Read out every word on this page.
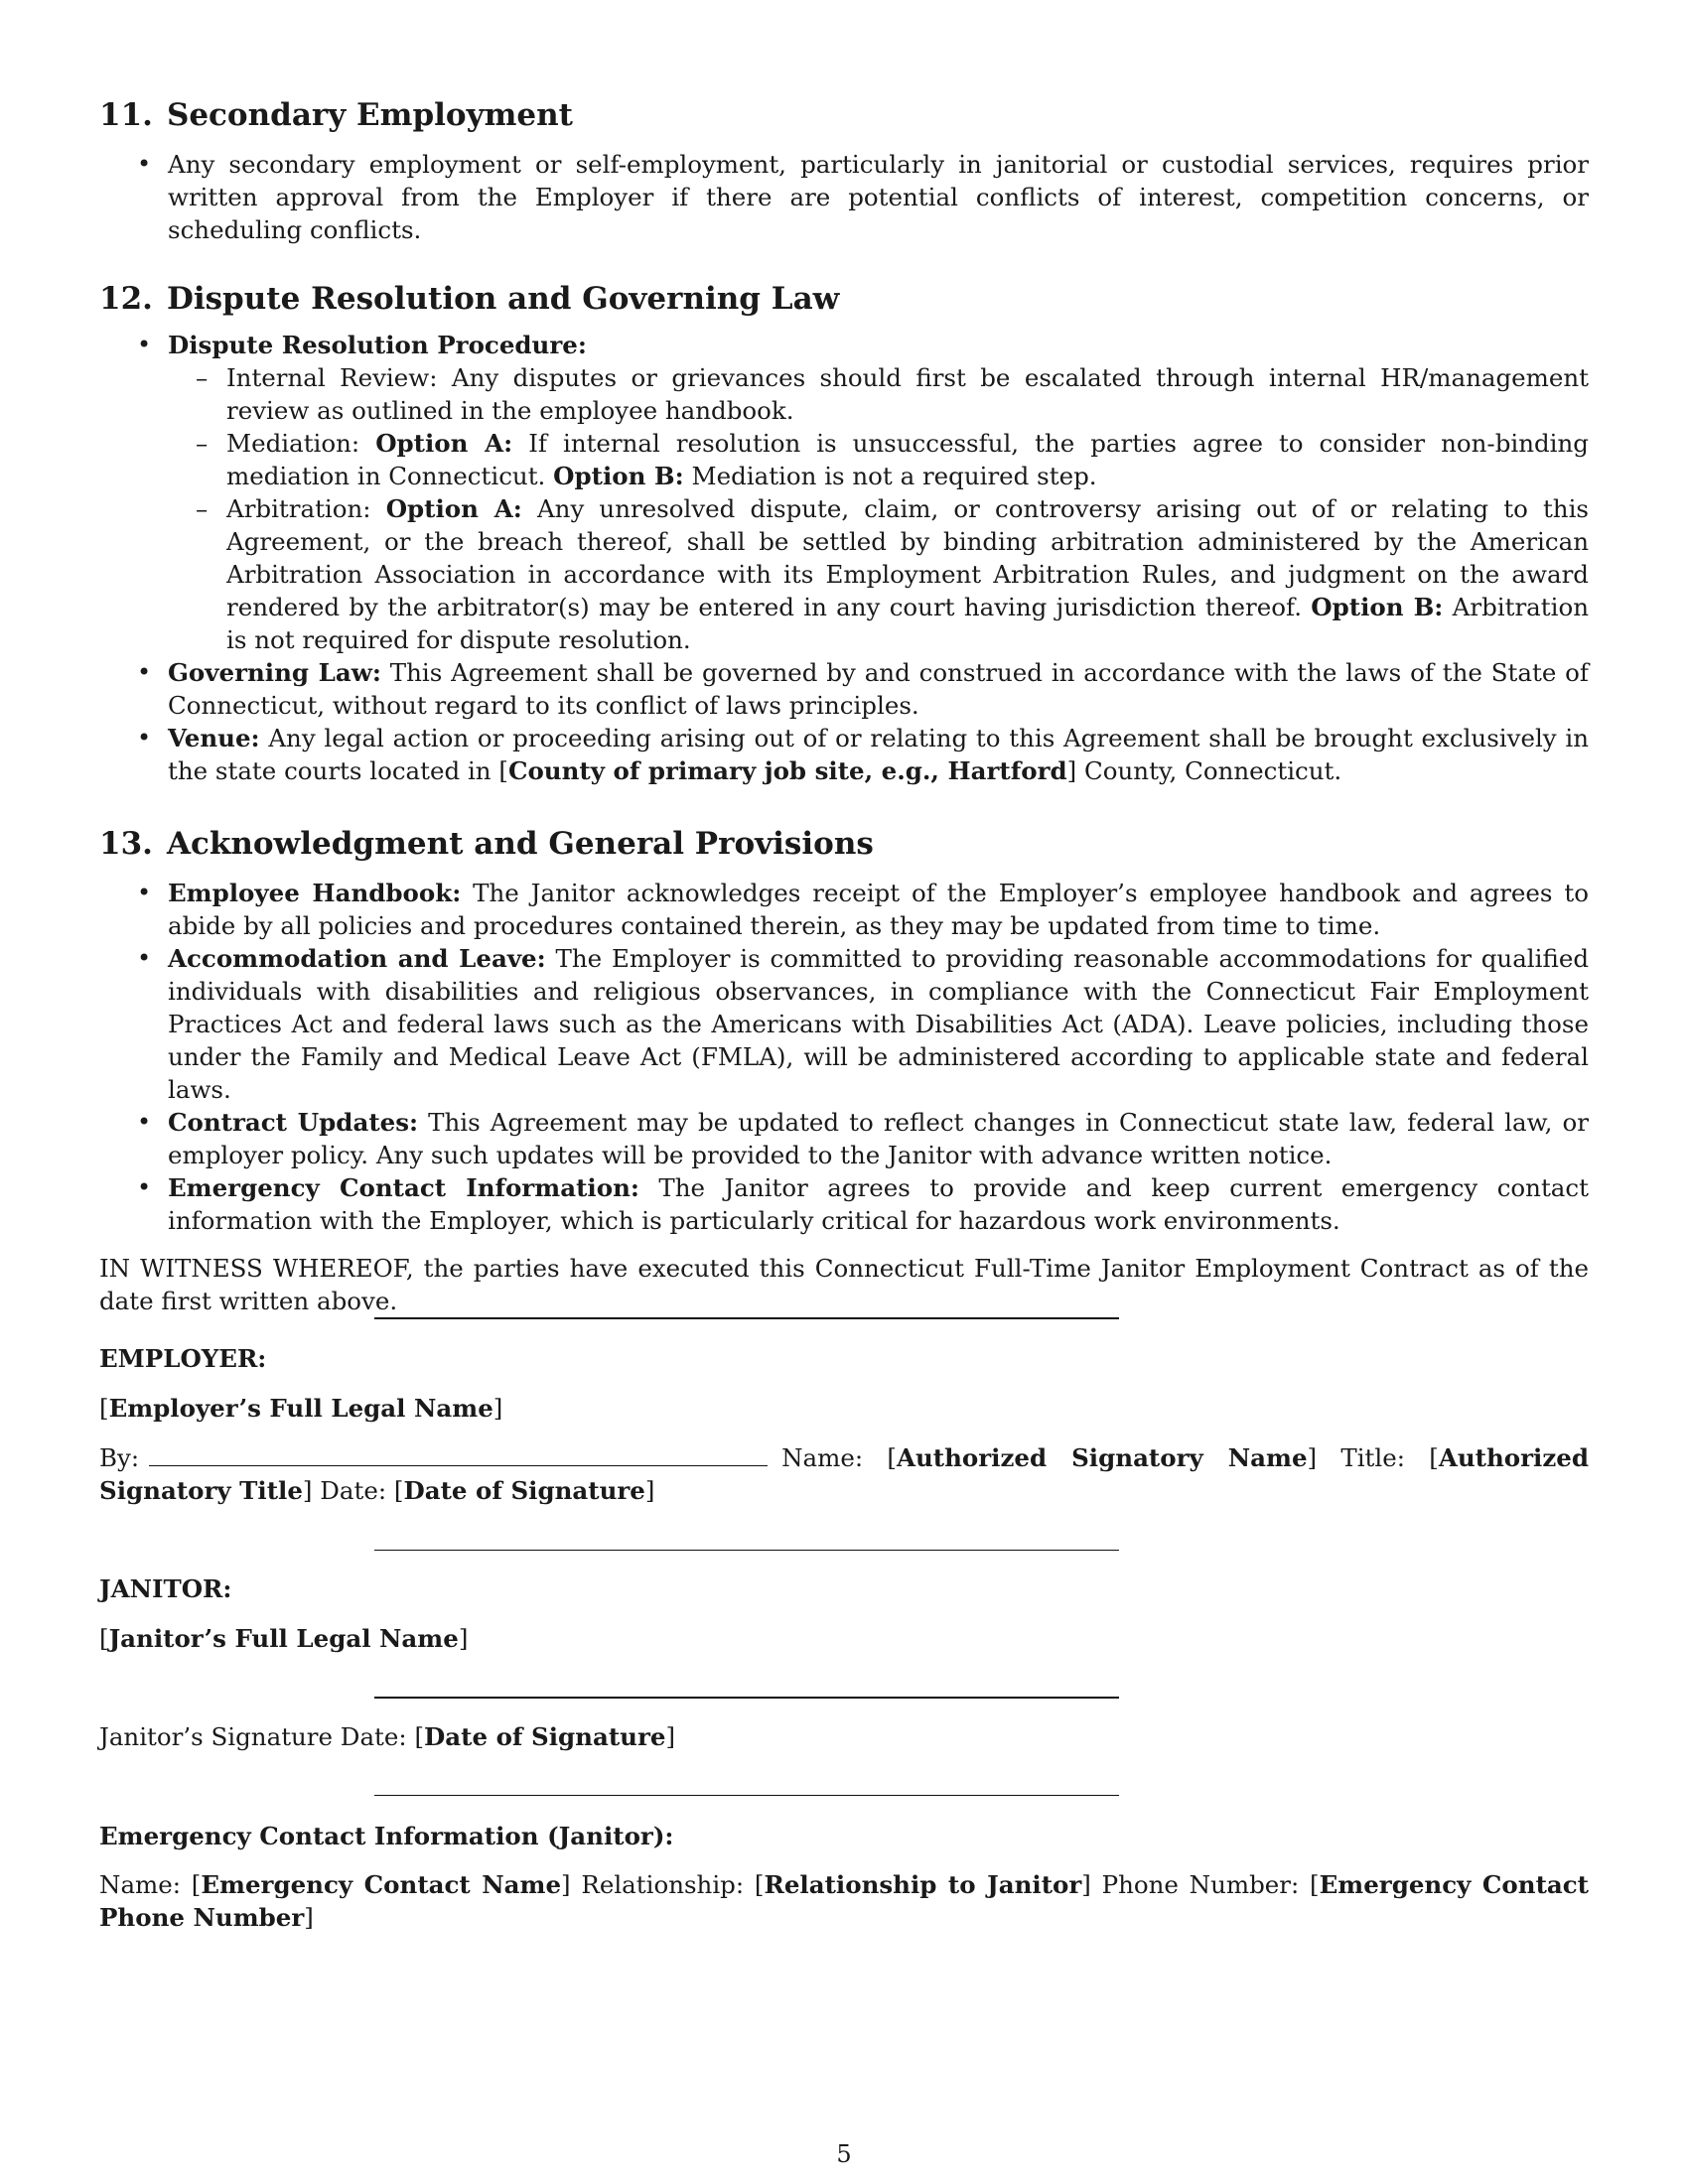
11. Secondary Employment
• Any secondary employment or self-employment, particularly in janitorial or custodial services, requires prior written approval from the Employer if there are potential conflicts of interest, competition concerns, or scheduling conflicts.
12. Dispute Resolution and Governing Law
• Dispute Resolution Procedure:
– Internal Review: Any disputes or grievances should first be escalated through internal HR/management review as outlined in the employee handbook.
– Mediation: Option A: If internal resolution is unsuccessful, the parties agree to consider non-binding mediation in Connecticut. Option B: Mediation is not a required step.
– Arbitration: Option A: Any unresolved dispute, claim, or controversy arising out of or relating to this Agreement, or the breach thereof, shall be settled by binding arbitration administered by the American Arbitration Association in accordance with its Employment Arbitration Rules, and judgment on the award rendered by the arbitrator(s) may be entered in any court having jurisdiction thereof. Option B: Arbitration is not required for dispute resolution.
• Governing Law: This Agreement shall be governed by and construed in accordance with the laws of the State of Connecticut, without regard to its conflict of laws principles.
• Venue: Any legal action or proceeding arising out of or relating to this Agreement shall be brought exclusively in the state courts located in [County of primary job site, e.g., Hartford] County, Connecticut.
13. Acknowledgment and General Provisions
• Employee Handbook: The Janitor acknowledges receipt of the Employer’s employee handbook and agrees to abide by all policies and procedures contained therein, as they may be updated from time to time.
• Accommodation and Leave: The Employer is committed to providing reasonable accommodations for qualified individuals with disabilities and religious observances, in compliance with the Connecticut Fair Employment Practices Act and federal laws such as the Americans with Disabilities Act (ADA). Leave policies, including those under the Family and Medical Leave Act (FMLA), will be administered according to applicable state and federal laws.
• Contract Updates: This Agreement may be updated to reflect changes in Connecticut state law, federal law, or employer policy. Any such updates will be provided to the Janitor with advance written notice.
• Emergency Contact Information: The Janitor agrees to provide and keep current emergency contact information with the Employer, which is particularly critical for hazardous work environments.

IN WITNESS WHEREOF, the parties have executed this Connecticut Full-Time Janitor Employment Contract as of the date first written above.

EMPLOYER:
[Employer’s Full Legal Name]
By:	Name: [Authorized Signatory Name] Title: [Authorized Signatory Title] Date: [Date of Signature]
JANITOR:
[Janitor’s Full Legal Name]
Janitor’s Signature Date: [Date of Signature]
Emergency Contact Information (Janitor):
Name: [Emergency Contact Name] Relationship: [Relationship to Janitor] Phone Number: [Emergency Contact Phone Number]
5
